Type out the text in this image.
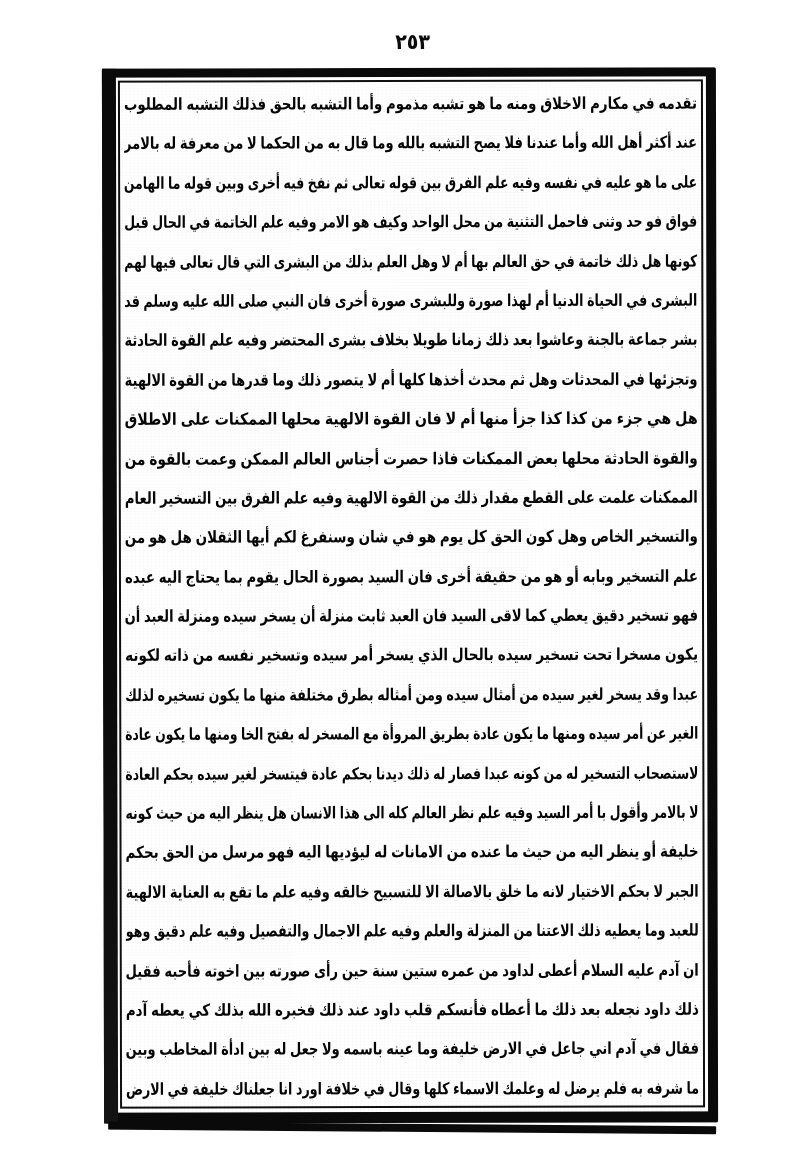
٢٥٣
تقدمه في مكارم الاخلاق ومنه ما هو تشبه مذموم وأما التشبه بالحق فذلك التشبه المطلوب
عند أكثر أهل الله وأما عندنا فلا يصح التشبه بالله وما قال به من الحكما لا من معرفة له بالامر
على ما هو عليه في نفسه وفيه علم الفرق بين قوله تعالى ثم نفخ فيه أخرى وبين قوله ما الهامن
فواق فو حد وثنى فاحمل التثنية من محل الواحد وكيف هو الامر وفيه علم الخاتمة في الحال قبل
كونها هل ذلك خاتمة في حق العالم بها أم لا وهل العلم بذلك من البشرى التي قال تعالى فيها لهم
البشرى في الحياة الدنيا أم لهذا صورة وللبشرى صورة أخرى فان النبي صلى الله عليه وسلم قد
بشر جماعة بالجنة وعاشوا بعد ذلك زمانا طويلا بخلاف بشرى المحتضر وفيه علم القوة الحادثة
وتجزئها في المحدثات وهل ثم محدث أخذها كلها أم لا يتصور ذلك وما قدرها من القوة الالهية
هل هي جزء من كذا كذا جزأ منها أم لا فان القوة الالهية محلها الممكنات على الاطلاق
والقوة الحادثة محلها بعض الممكنات فاذا حصرت أجناس العالم الممكن وعمت بالقوة من
الممكنات علمت على القطع مقدار ذلك من القوة الالهية وفيه علم الفرق بين التسخير العام
والتسخير الخاص وهل كون الحق كل يوم هو في شان وسنفرغ لكم أيها الثقلان هل هو من
علم التسخير وبابه أو هو من حقيقة أخرى فان السيد بصورة الحال يقوم بما يحتاج اليه عبده
فهو تسخير دقيق يعطي كما لاقى السيد فان العبد ثابت منزلة أن يسخر سيده ومنزلة العبد أن
يكون مسخرا تحت تسخير سيده بالحال الذي يسخر أمر سيده وتسخير نفسه من ذاته لكونه
عبدا وقد يسخر لغير سيده من أمثال سيده ومن أمثاله بطرق مختلفة منها ما يكون تسخيره لذلك
الغير عن أمر سيده ومنها ما يكون عادة بطريق المروأة مع المسخر له بفتح الخا ومنها ما يكون عادة
لاستصحاب التسخير له من كونه عبدا فصار له ذلك ديدنا بحكم عادة فيتسخر لغير سيده بحكم العادة
لا بالامر وأقول با أمر السيد وفيه علم نظر العالم كله الى هذا الانسان هل ينظر اليه من حيث كونه
خليفة أو ينظر اليه من حيث ما عنده من الامانات له ليؤديها اليه فهو مرسل من الحق بحكم
الجبر لا بحكم الاختيار لانه ما خلق بالاصالة الا للتسبيح خالقه وفيه علم ما تقع به العناية الالهية
للعبد وما يعطيه ذلك الاعتنا من المنزلة والعلم وفيه علم الاجمال والتفصيل وفيه علم دقيق وهو
ان آدم عليه السلام أعطى لداود من عمره ستين سنة حين رأى صورته بين اخوته فأحبه فقيل
ذلك داود نجعله بعد ذلك ما أعطاه فأنسكم قلب داود عند ذلك فخبره الله بذلك كي يعطه آدم
فقال في آدم اني جاعل في الارض خليفة وما عينه باسمه ولا جعل له بين ادأة المخاطب وبين
ما شرفه به فلم يرضل له وعلمك الاسماء كلها وقال في خلافة اورد انا جعلناك خليفة في الارض
